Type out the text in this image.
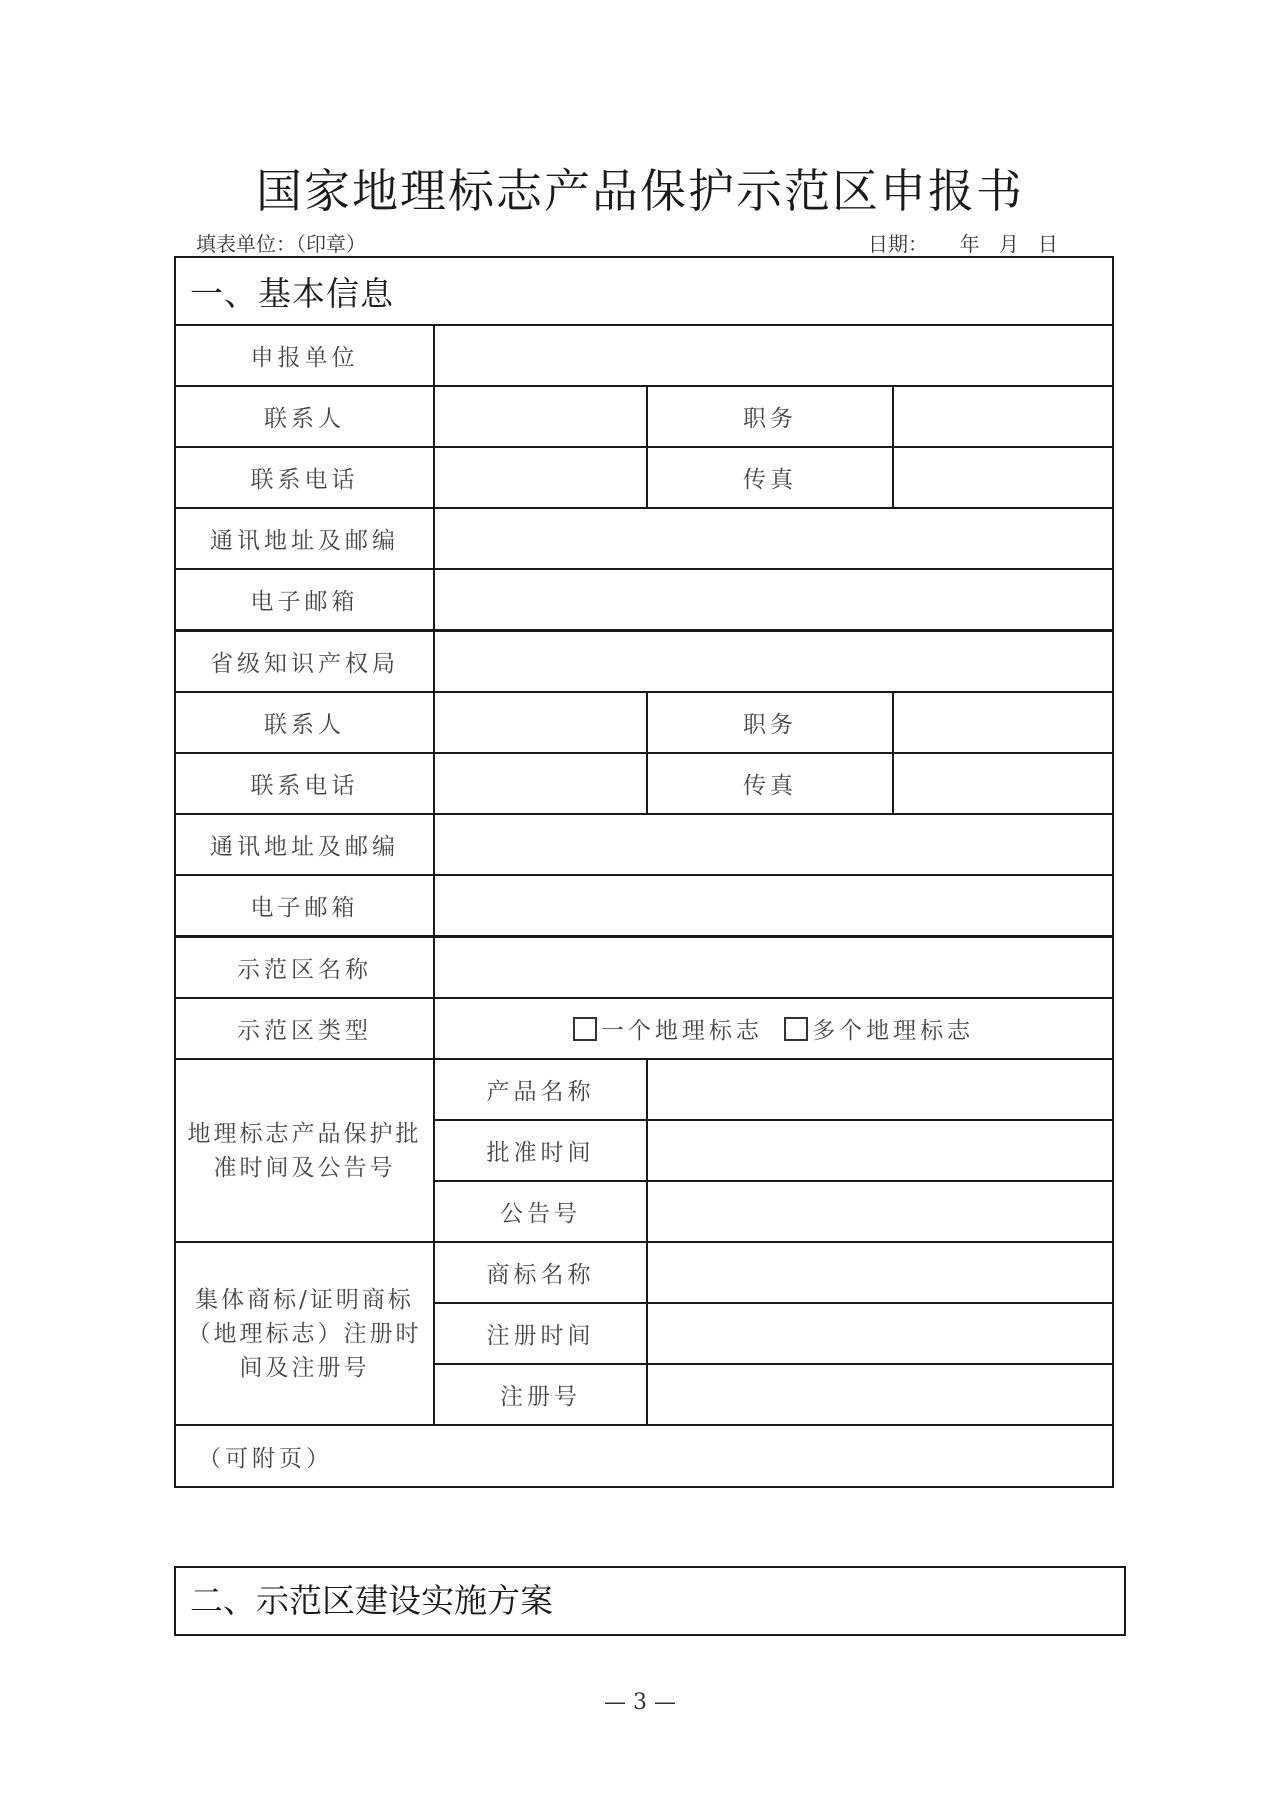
国家地理标志产品保护示范区申报书
填表单位：（印章）	日期：     年   月   日
一、基本信息			
申报单位			
联系人		职务	
联系电话		传真	
通讯地址及邮编			
电子邮箱			
省级知识产权局			
联系人		职务	
联系电话		传真	
通讯地址及邮编			
电子邮箱			
示范区名称			
示范区类型	一个地理标志 多个地理标志		
地理标志产品保护批准时间及公告号	产品名称		
	批准时间		
	公告号		
集体商标/证明商标（地理标志）注册时间及注册号	商标名称		
	注册时间		
	注册号		
（可附页）			
二、示范区建设实施方案
— 3 —
